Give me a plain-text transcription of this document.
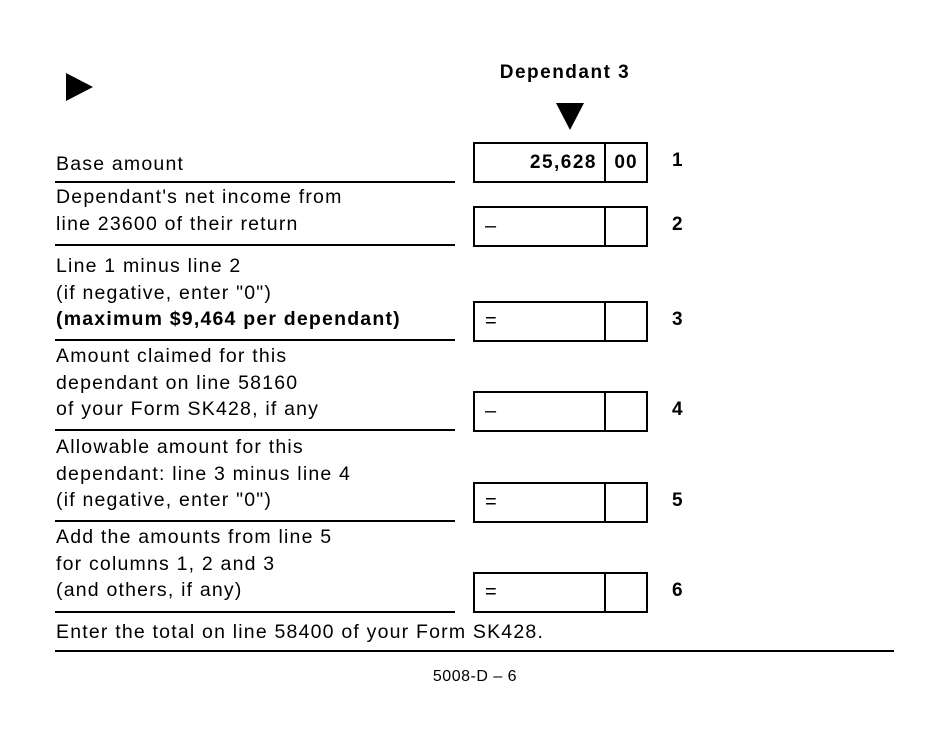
Dependant 3
Base amount	25,628 00	1
Dependant's net income from
line 23600 of their return	–	2
Line 1 minus line 2
(if negative, enter "0")
(maximum $9,464 per dependant)	=	3
Amount claimed for this
dependant on line 58160
of your Form SK428, if any	–	4
Allowable amount for this
dependant: line 3 minus line 4
(if negative, enter "0")	=	5
Add the amounts from line 5
for columns 1, 2 and 3
(and others, if any)	=	6
Enter the total on line 58400 of your Form SK428.
5008-D – 6
